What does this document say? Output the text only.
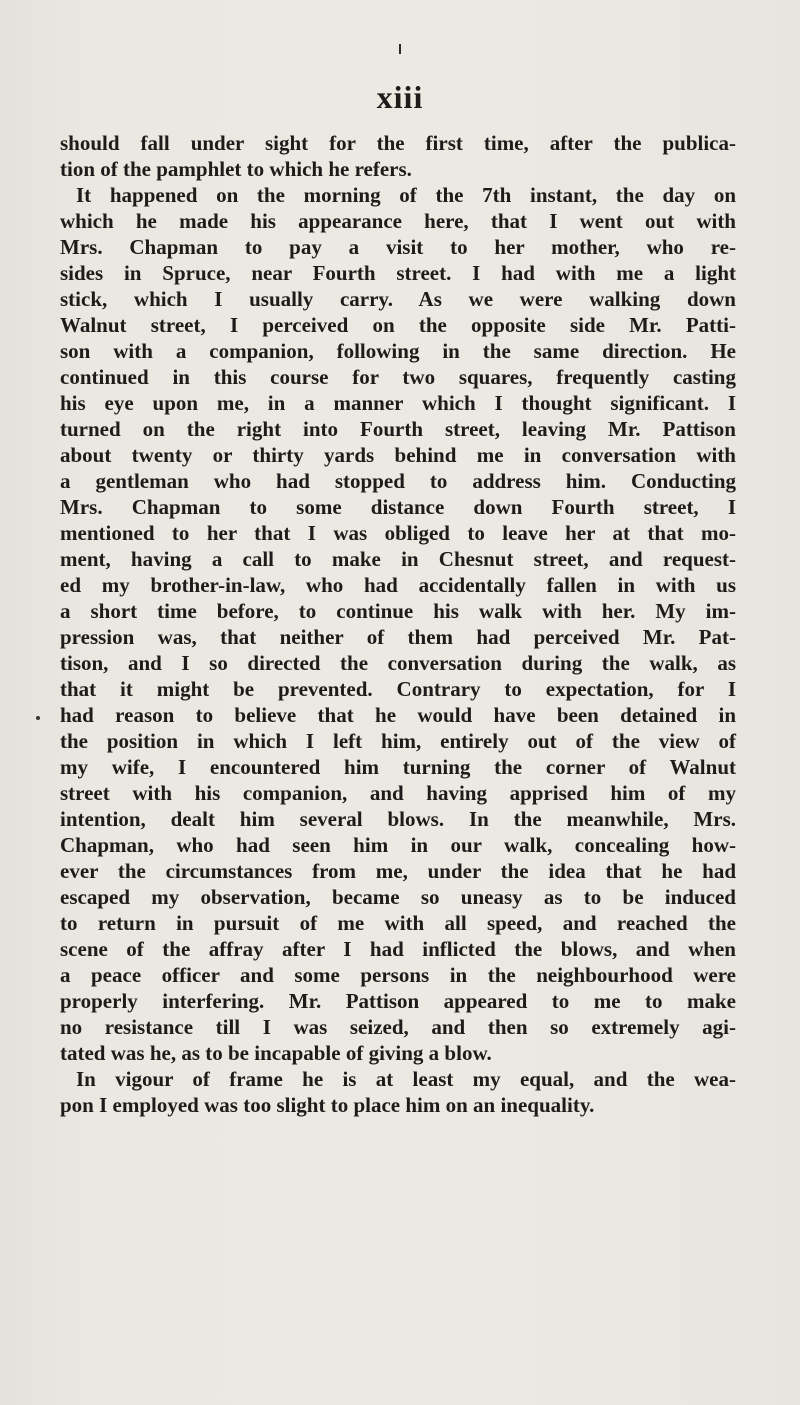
xiii
should fall under sight for the first time, after the publica-
tion of the pamphlet to which he refers.
It happened on the morning of the 7th instant, the day on
which he made his appearance here, that I went out with
Mrs. Chapman to pay a visit to her mother, who re-
sides in Spruce, near Fourth street. I had with me a light
stick, which I usually carry. As we were walking down
Walnut street, I perceived on the opposite side Mr. Patti-
son with a companion, following in the same direction. He
continued in this course for two squares, frequently casting
his eye upon me, in a manner which I thought significant. I
turned on the right into Fourth street, leaving Mr. Pattison
about twenty or thirty yards behind me in conversation with
a gentleman who had stopped to address him. Conducting
Mrs. Chapman to some distance down Fourth street, I
mentioned to her that I was obliged to leave her at that mo-
ment, having a call to make in Chesnut street, and request-
ed my brother-in-law, who had accidentally fallen in with us
a short time before, to continue his walk with her. My im-
pression was, that neither of them had perceived Mr. Pat-
tison, and I so directed the conversation during the walk, as
that it might be prevented. Contrary to expectation, for I
had reason to believe that he would have been detained in
the position in which I left him, entirely out of the view of
my wife, I encountered him turning the corner of Walnut
street with his companion, and having apprised him of my
intention, dealt him several blows. In the meanwhile, Mrs.
Chapman, who had seen him in our walk, concealing how-
ever the circumstances from me, under the idea that he had
escaped my observation, became so uneasy as to be induced
to return in pursuit of me with all speed, and reached the
scene of the affray after I had inflicted the blows, and when
a peace officer and some persons in the neighbourhood were
properly interfering. Mr. Pattison appeared to me to make
no resistance till I was seized, and then so extremely agi-
tated was he, as to be incapable of giving a blow.
In vigour of frame he is at least my equal, and the wea-
pon I employed was too slight to place him on an inequality.
